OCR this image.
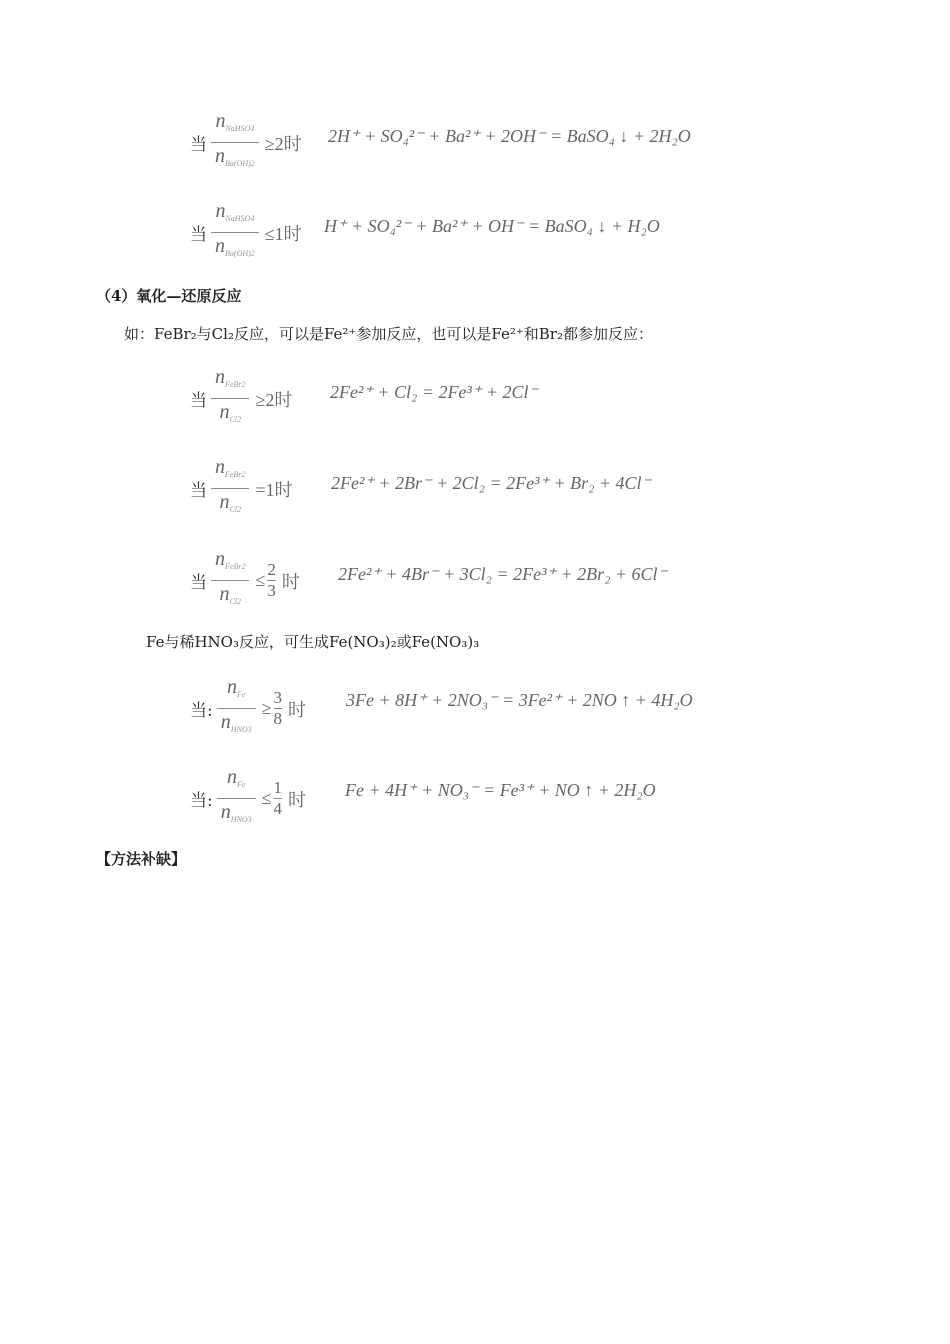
当 $\frac{n_{NaHSO4}}{n_{Ba(OH)2}} \ge 2$时 2H⁺ + SO₄²⁻ + Ba²⁺ + 2OH⁻ = BaSO₄ ↓ + 2H₂O
当 $\frac{n_{NaHSO4}}{n_{Ba(OH)2}} \le 1$时 H⁺ + SO₄²⁻ + Ba²⁺ + OH⁻ = BaSO₄ ↓ + H₂O
（4）氧化—还原反应
如：FeBr₂与Cl₂反应，可以是Fe²⁺参加反应，也可以是Fe²⁺和Br₂都参加反应：
当 $\frac{n_{FeBr2}}{n_{Cl2}} \ge 2$时 2Fe²⁺ + Cl₂ = 2Fe³⁺ + 2Cl⁻
当 $\frac{n_{FeBr2}}{n_{Cl2}} =1$时 2Fe²⁺ + 2Br⁻ + 2Cl₂ = 2Fe³⁺ + Br₂ + 4Cl⁻
当 $\frac{n_{FeBr2}}{n_{Cl2}}$ ≤
2
3 时 2Fe²⁺ + 4Br⁻ + 3Cl₂ = 2Fe³⁺ + 2Br₂ + 6Cl⁻
Fe与稀HNO₃反应，可生成Fe(NO₃)₂或Fe(NO₃)₃
当: $\frac{n_{Fe}}{n_{HNO3}}$ ≥
3
8 时 3Fe + 8H⁺ + 2NO₃⁻ = 3Fe²⁺ + 2NO ↑ + 4H₂O
当: $\frac{n_{Fe}}{n_{HNO3}}$ ≤
1
4 时 Fe + 4H⁺ + NO₃⁻ = Fe³⁺ + NO ↑ + 2H₂O
【方法补缺】
